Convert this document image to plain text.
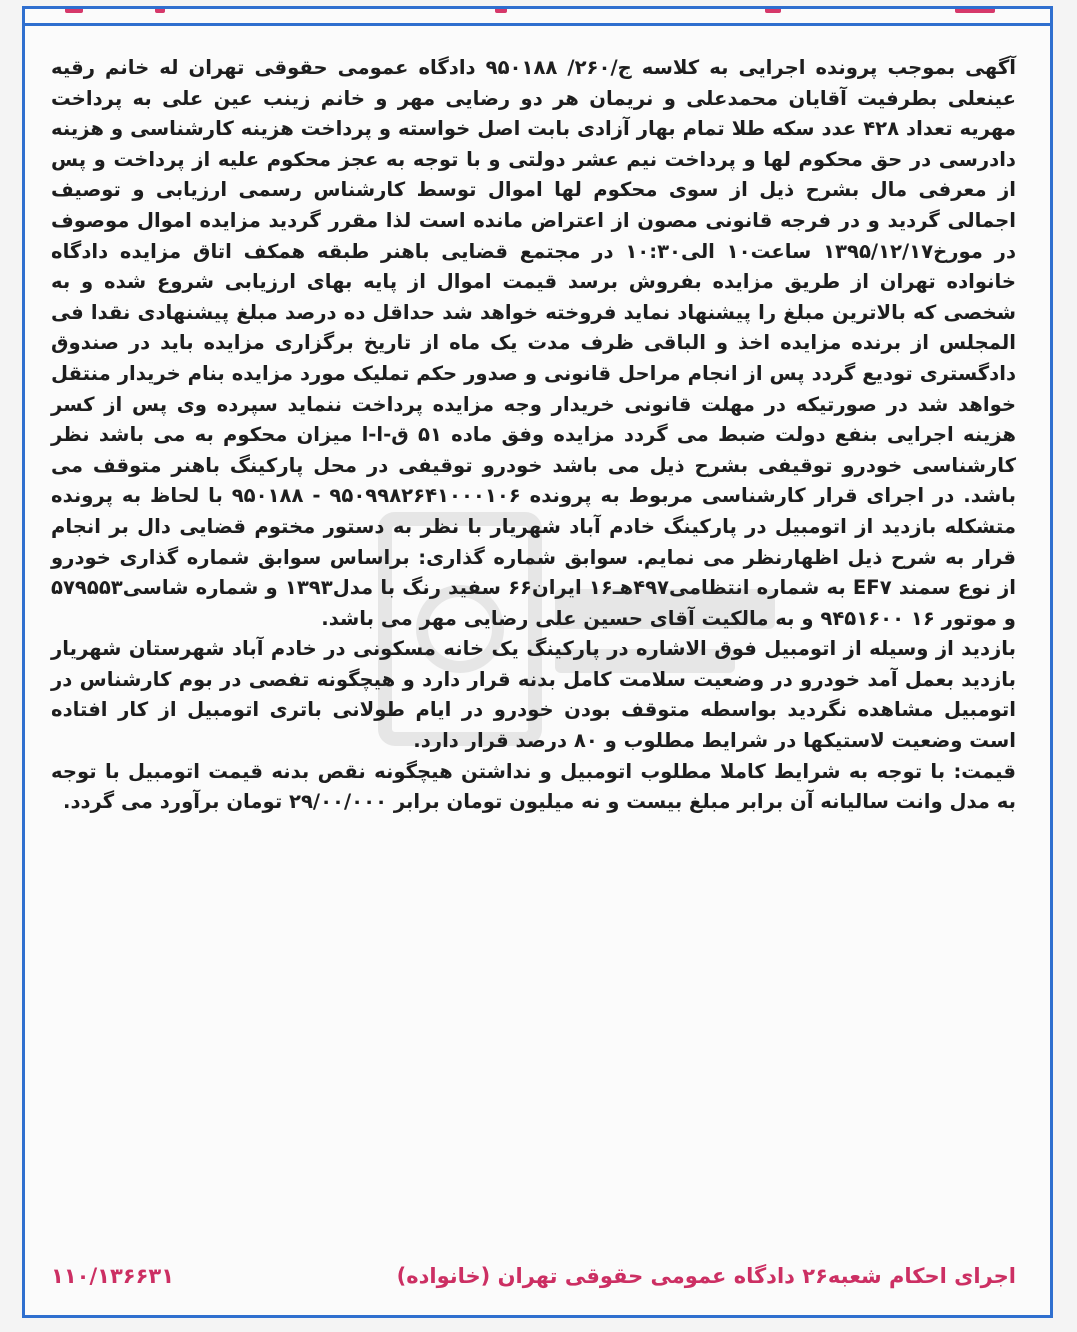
آگهی بموجب پرونده اجرایی به کلاسه ج/۲۶۰/ ۹۵۰۱۸۸ دادگاه عمومی حقوقی تهران له خانم رقیه عینعلی بطرفیت آقایان محمدعلی و نریمان هر دو رضایی مهر و خانم زینب عین علی به پرداخت مهریه تعداد ۴۲۸ عدد سکه طلا تمام بهار آزادی بابت اصل خواسته و پرداخت هزینه کارشناسی و هزینه دادرسی در حق محکوم لها و پرداخت نیم عشر دولتی و با توجه به عجز محکوم علیه از پرداخت و پس از معرفی مال بشرح ذیل از سوی محکوم لها اموال توسط کارشناس رسمی ارزیابی و توصیف اجمالی گردید و در فرجه قانونی مصون از اعتراض مانده است لذا مقرر گردید مزایده اموال موصوف در مورخ۱۳۹۵/۱۲/۱۷ ساعت۱۰ الی۱۰:۳۰ در مجتمع قضایی باهنر طبقه همکف اتاق مزایده دادگاه خانواده تهران از طریق مزایده بفروش برسد قیمت اموال از پایه بهای ارزیابی شروع شده و به شخصی که بالاترین مبلغ را پیشنهاد نماید فروخته خواهد شد حداقل ده درصد مبلغ پیشنهادی نقدا فی المجلس از برنده مزایده اخذ و الباقی ظرف مدت یک ماه از تاریخ برگزاری مزایده باید در صندوق دادگستری تودیع گردد پس از انجام مراحل قانونی و صدور حکم تملیک مورد مزایده بنام خریدار منتقل خواهد شد در صورتیکه در مهلت قانونی خریدار وجه مزایده پرداخت ننماید سپرده وی پس از کسر هزینه اجرایی بنفع دولت ضبط می گردد مزایده وفق ماده ۵۱ ق-ا-ا میزان محکوم به می باشد نظر کارشناسی خودرو توقیفی بشرح ذیل می باشد خودرو توقیفی در محل پارکینگ باهنر متوقف می باشد. در اجرای قرار کارشناسی مربوط به پرونده ۹۵۰۹۹۸۲۶۴۱۰۰۰۱۰۶ - ۹۵۰۱۸۸ با لحاظ به پرونده متشکله بازدید از اتومبیل در پارکینگ خادم آباد شهریار با نظر به دستور مختوم قضایی دال بر انجام قرار به شرح ذیل اظهارنظر می نمایم. سوابق شماره گذاری: براساس سوابق شماره گذاری خودرو از نوع سمند EF۷ به شماره انتظامی۴۹۷هـ۱۶ ایران۶۶ سفید رنگ با مدل۱۳۹۳ و شماره شاسی۵۷۹۵۵۳ و موتور ۱۶ ۹۴۵۱۶۰۰ و به مالکیت آقای حسین علی رضایی مهر می باشد.

بازدید از وسیله از اتومبیل فوق الاشاره در پارکینگ یک خانه مسکونی در خادم آباد شهرستان شهریار بازدید بعمل آمد خودرو در وضعیت سلامت کامل بدنه قرار دارد و هیچگونه تفصی در بوم کارشناس در اتومبیل مشاهده نگردید بواسطه متوقف بودن خودرو در ایام طولانی باتری اتومبیل از کار افتاده است وضعیت لاستیکها در شرایط مطلوب و ۸۰ درصد قرار دارد.

قیمت: با توجه به شرایط کاملا مطلوب اتومبیل و نداشتن هیچگونه نقص بدنه قیمت اتومبیل با توجه به مدل وانت سالیانه آن برابر مبلغ بیست و نه میلیون تومان برابر ۲۹/۰۰/۰۰۰ تومان برآورد می گردد.

اجرای احکام شعبه۲۶ دادگاه عمومی حقوقی تهران (خانواده)
۱۱۰/۱۳۶۶۳۱
